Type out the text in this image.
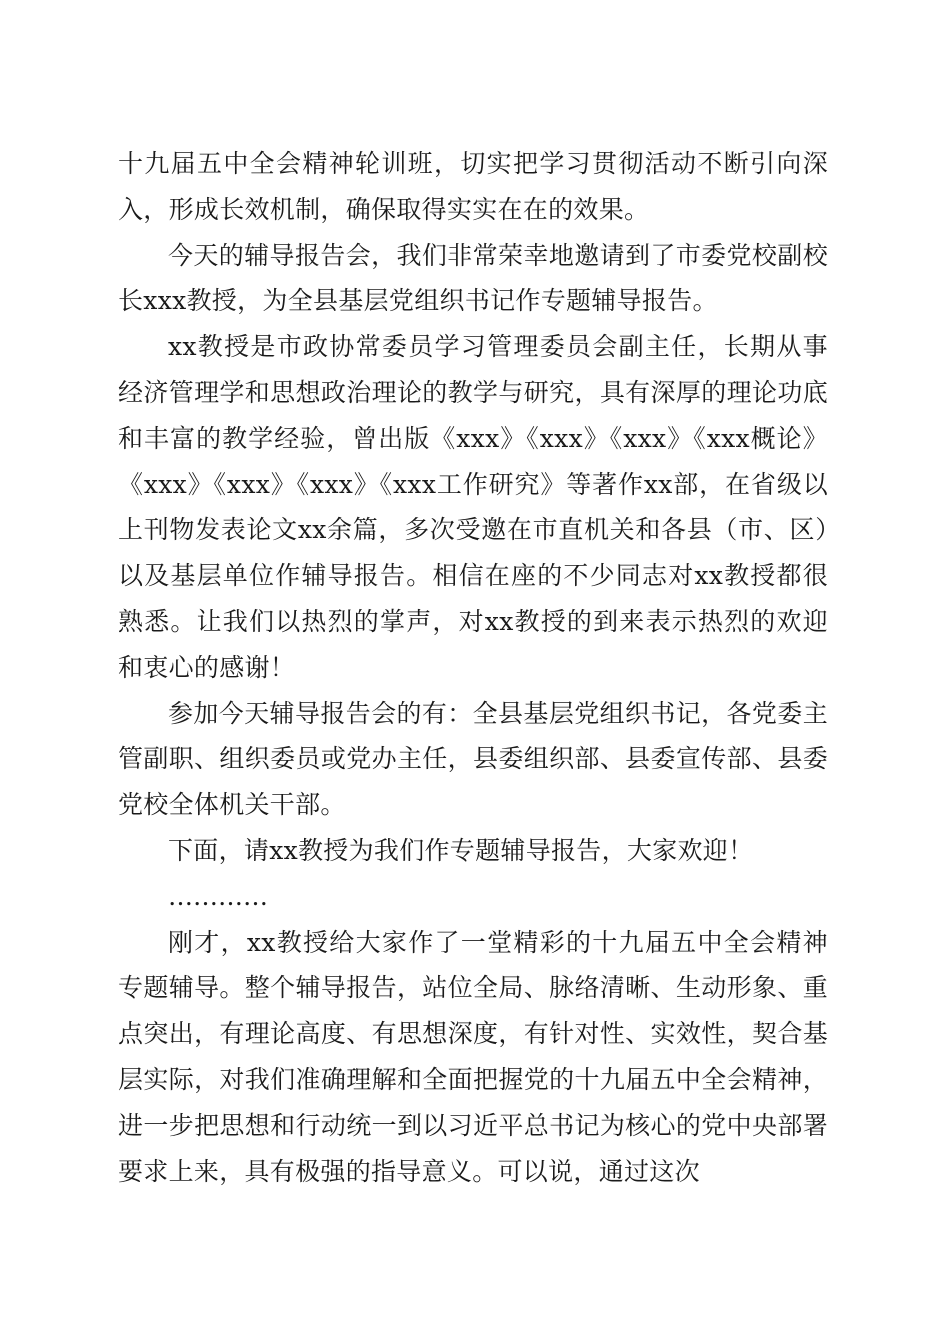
十九届五中全会精神轮训班，切实把学习贯彻活动不断引向深入，形成长效机制，确保取得实实在在的效果。

今天的辅导报告会，我们非常荣幸地邀请到了市委党校副校长xxx教授，为全县基层党组织书记作专题辅导报告。

xx教授是市政协常委员学习管理委员会副主任，长期从事经济管理学和思想政治理论的教学与研究，具有深厚的理论功底和丰富的教学经验，曾出版《xxx》《xxx》《xxx》《xxx概论》《xxx》《xxx》《xxx》《xxx工作研究》等著作xx部，在省级以上刊物发表论文xx余篇，多次受邀在市直机关和各县（市、区）以及基层单位作辅导报告。相信在座的不少同志对xx教授都很熟悉。让我们以热烈的掌声，对xx教授的到来表示热烈的欢迎和衷心的感谢！

参加今天辅导报告会的有：全县基层党组织书记，各党委主管副职、组织委员或党办主任，县委组织部、县委宣传部、县委党校全体机关干部。

下面，请xx教授为我们作专题辅导报告，大家欢迎！

…………

刚才，xx教授给大家作了一堂精彩的十九届五中全会精神专题辅导。整个辅导报告，站位全局、脉络清晰、生动形象、重点突出，有理论高度、有思想深度，有针对性、实效性，契合基层实际，对我们准确理解和全面把握党的十九届五中全会精神，进一步把思想和行动统一到以习近平总书记为核心的党中央部署要求上来，具有极强的指导意义。可以说，通过这次
